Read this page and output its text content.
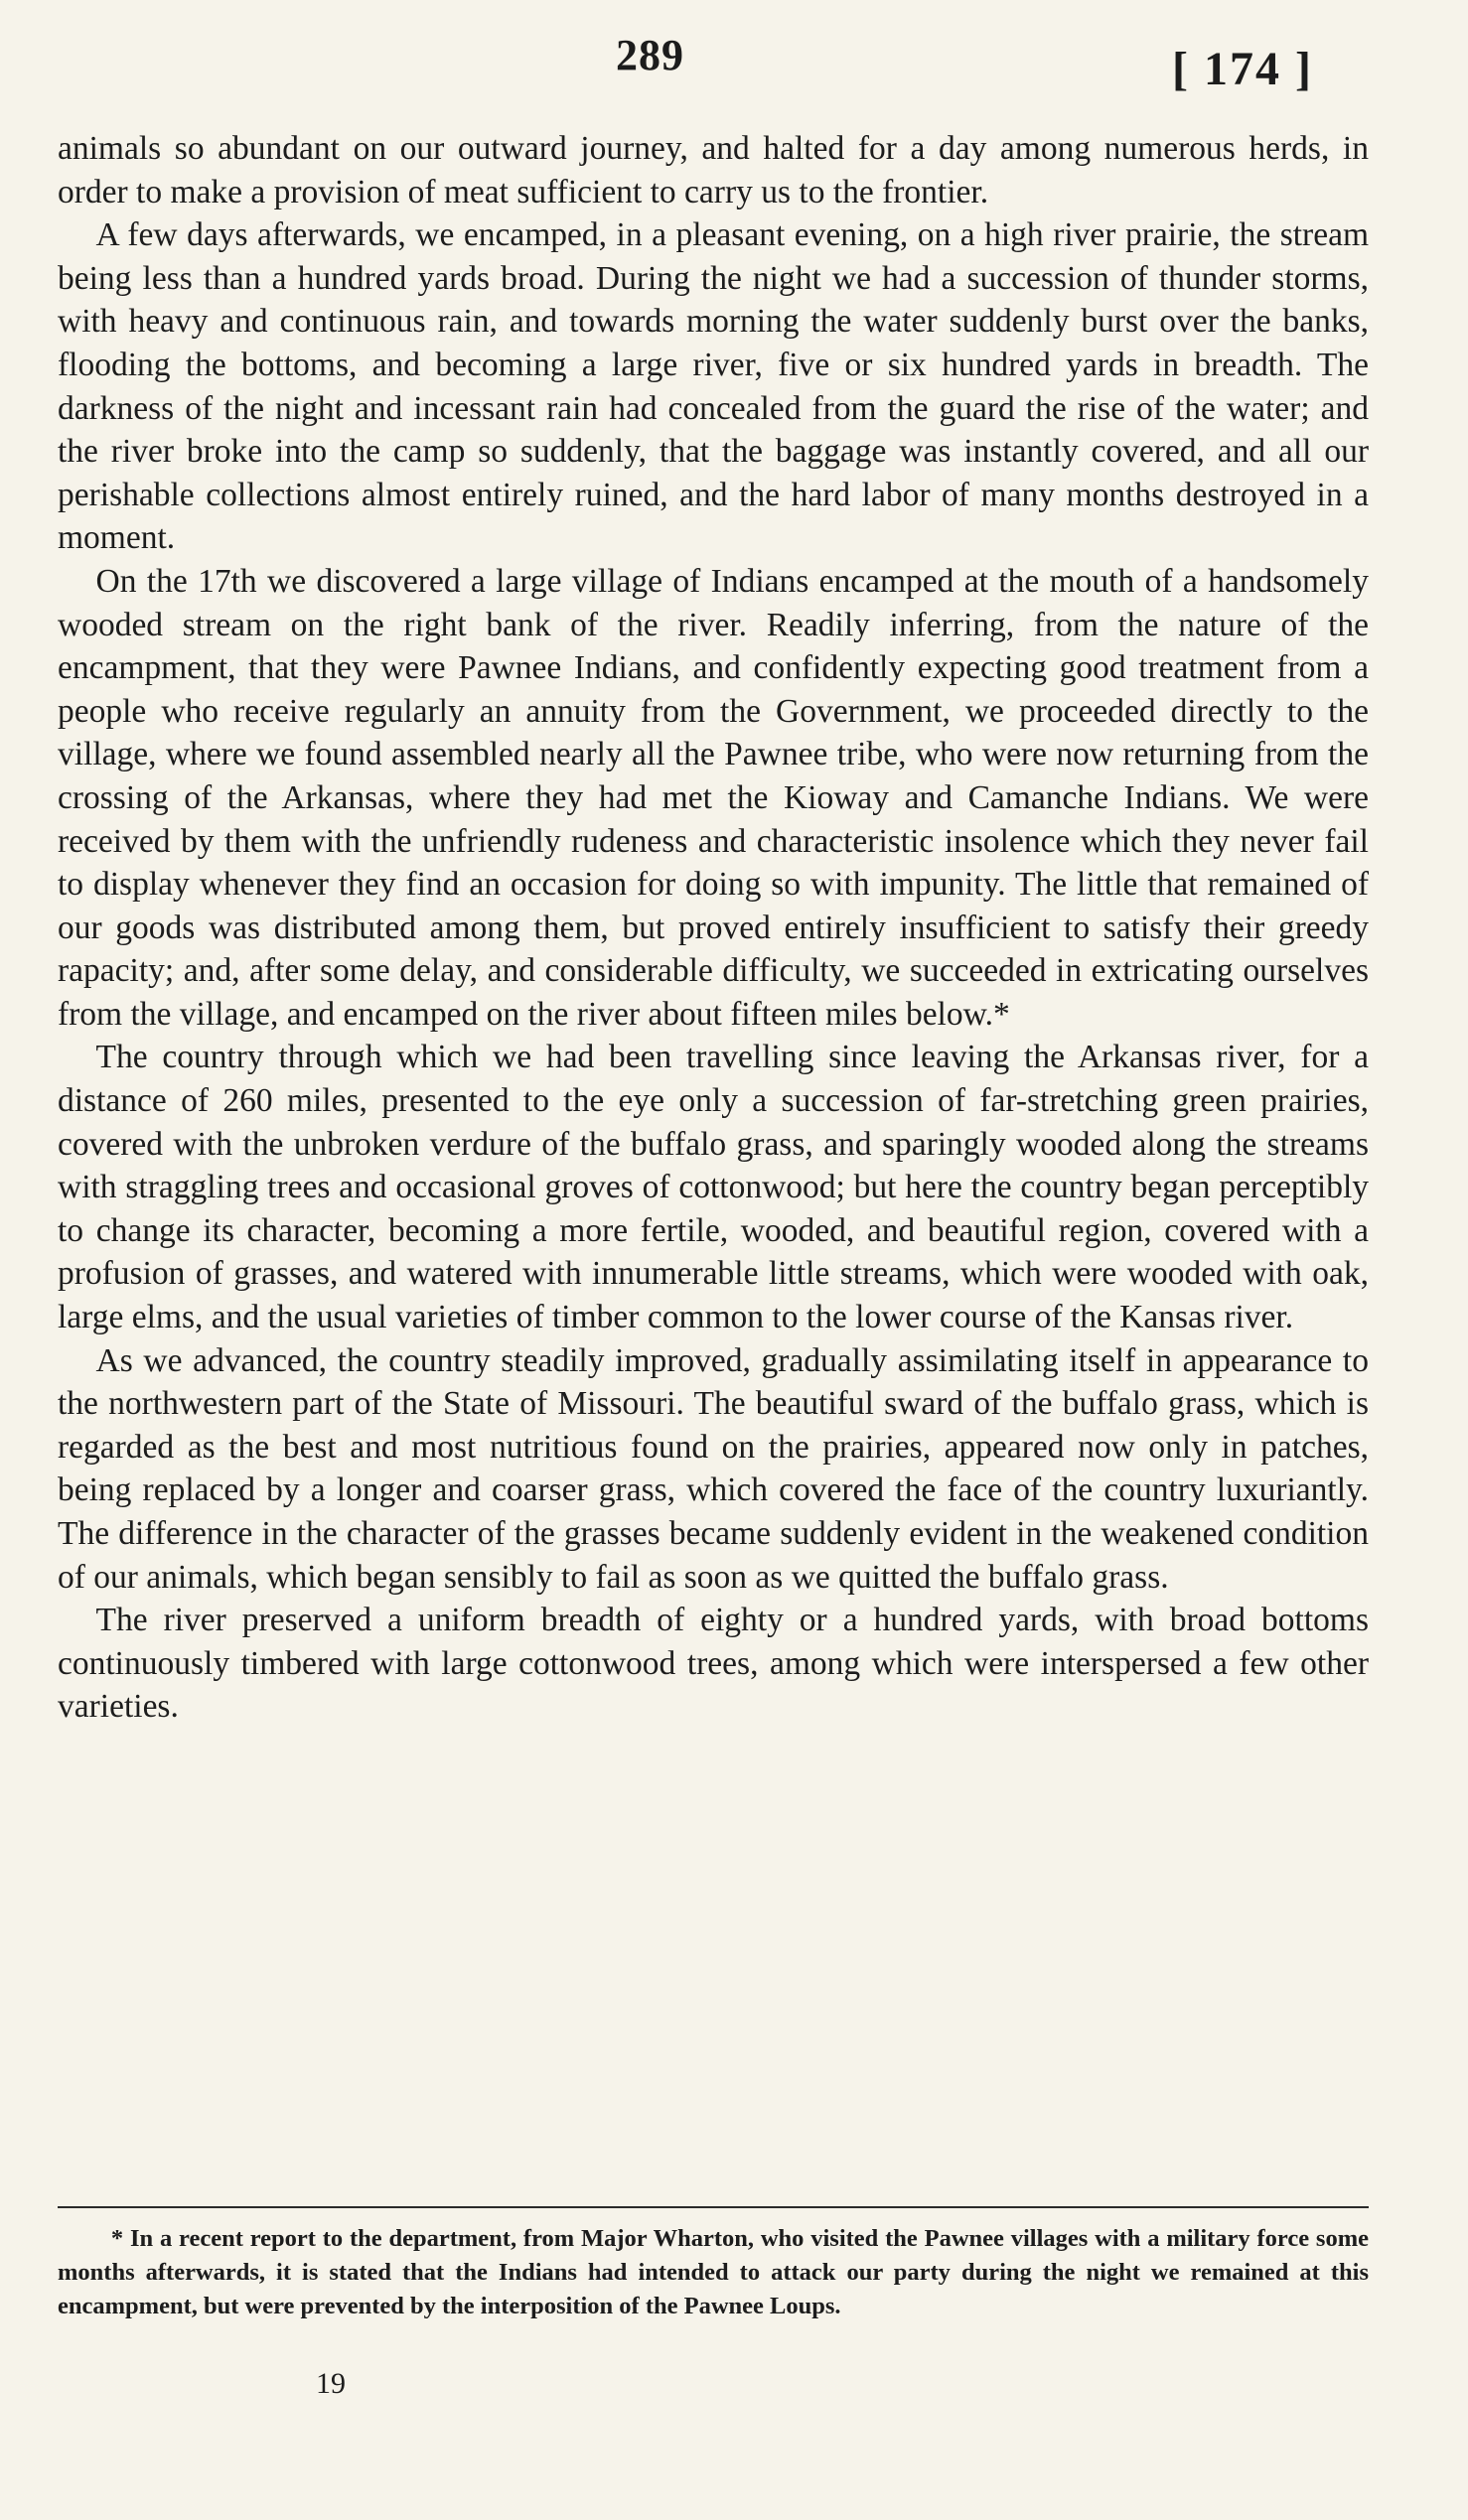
289	[ 174 ]

animals so abundant on our outward journey, and halted for a day among numerous herds, in order to make a provision of meat sufficient to carry us to the frontier.

A few days afterwards, we encamped, in a pleasant evening, on a high river prairie, the stream being less than a hundred yards broad. During the night we had a succession of thunder storms, with heavy and continuous rain, and towards morning the water suddenly burst over the banks, flooding the bottoms, and becoming a large river, five or six hundred yards in breadth. The darkness of the night and incessant rain had concealed from the guard the rise of the water; and the river broke into the camp so suddenly, that the baggage was instantly covered, and all our perishable collections almost entirely ruined, and the hard labor of many months destroyed in a moment.

On the 17th we discovered a large village of Indians encamped at the mouth of a handsomely wooded stream on the right bank of the river. Readily inferring, from the nature of the encampment, that they were Pawnee Indians, and confidently expecting good treatment from a people who receive regularly an annuity from the Government, we proceeded directly to the village, where we found assembled nearly all the Pawnee tribe, who were now returning from the crossing of the Arkansas, where they had met the Kioway and Camanche Indians. We were received by them with the unfriendly rudeness and characteristic insolence which they never fail to display whenever they find an occasion for doing so with impunity. The little that remained of our goods was distributed among them, but proved entirely insufficient to satisfy their greedy rapacity; and, after some delay, and considerable difficulty, we succeeded in extricating ourselves from the village, and encamped on the river about fifteen miles below.*

The country through which we had been travelling since leaving the Arkansas river, for a distance of 260 miles, presented to the eye only a succession of far-stretching green prairies, covered with the unbroken verdure of the buffalo grass, and sparingly wooded along the streams with straggling trees and occasional groves of cottonwood; but here the country began perceptibly to change its character, becoming a more fertile, wooded, and beautiful region, covered with a profusion of grasses, and watered with innumerable little streams, which were wooded with oak, large elms, and the usual varieties of timber common to the lower course of the Kansas river.

As we advanced, the country steadily improved, gradually assimilating itself in appearance to the northwestern part of the State of Missouri. The beautiful sward of the buffalo grass, which is regarded as the best and most nutritious found on the prairies, appeared now only in patches, being replaced by a longer and coarser grass, which covered the face of the country luxuriantly. The difference in the character of the grasses became suddenly evident in the weakened condition of our animals, which began sensibly to fail as soon as we quitted the buffalo grass.

The river preserved a uniform breadth of eighty or a hundred yards, with broad bottoms continuously timbered with large cottonwood trees, among which were interspersed a few other varieties.

* In a recent report to the department, from Major Wharton, who visited the Pawnee villages with a military force some months afterwards, it is stated that the Indians had intended to attack our party during the night we remained at this encampment, but were prevented by the interposition of the Pawnee Loups.
19
